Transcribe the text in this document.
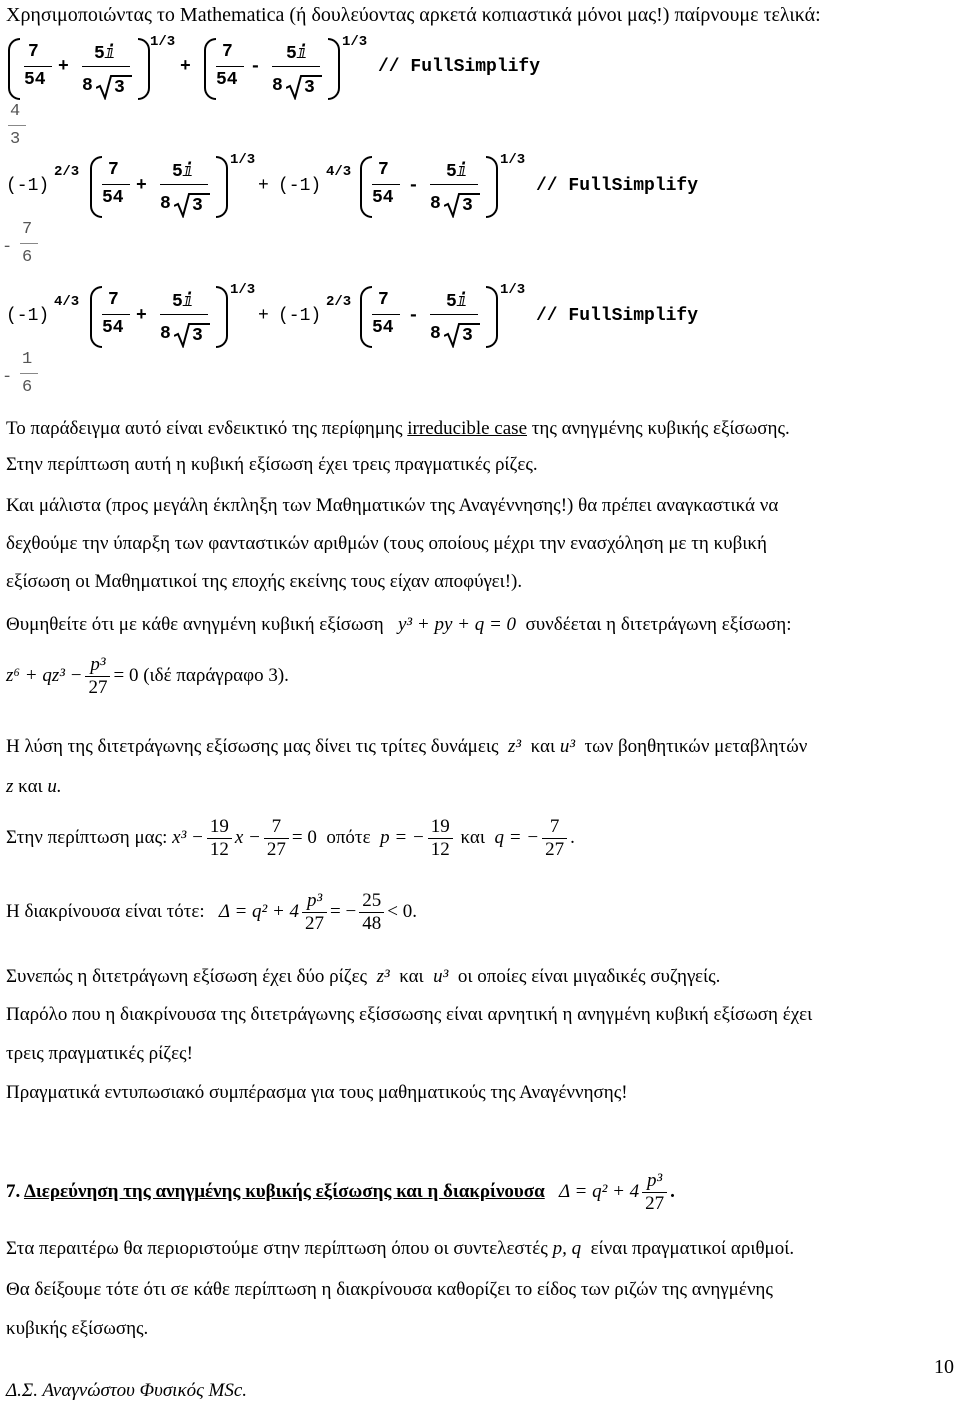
Χρησιμοποιώντας το Mathematica (ή δουλεύοντας αρκετά κοπιαστικά μόνοι μας!) παίρνουμε τελικά:
7
54
+
5ⅈ
8 3
1/3
+
7
54
-
5ⅈ
8 3
1/3
// FullSimplify
4
3
(-1)
2/3 7
54
+
5ⅈ
8 3
1/3
+ (-1)
4/3 7
54
-
5ⅈ
8 3
1/3
// FullSimplify
-
7
6
(-1)
4/3 7
54
+
5ⅈ
8 3
1/3
+ (-1)
2/3 7
54
-
5ⅈ
8 3
1/3
// FullSimplify
-
1
6
Το παράδειγμα αυτό είναι ενδεικτικό της περίφημης irreducible case της ανηγμένης κυβικής εξίσωσης.
Στην περίπτωση αυτή η κυβική εξίσωση έχει τρεις πραγματικές ρίζες.
Και μάλιστα (προς μεγάλη έκπληξη των Μαθηματικών της Αναγέννησης!) θα πρέπει αναγκαστικά να
δεχθούμε την ύπαρξη των φανταστικών αριθμών (τους οποίους μέχρι την ενασχόληση με τη κυβική
εξίσωση οι Μαθηματικοί της εποχής εκείνης τους είχαν αποφύγει!).
Θυμηθείτε ότι με κάθε ανηγμένη κυβική εξίσωση y³ + py + q = 0 συνδέεται η διτετράγωνη εξίσωση:
$z^6 + qz^3 - \frac{\text{p³}}{27} = 0$ (ιδέ παράγραφο 3).
Η λύση της διτετράγωνης εξίσωσης μας δίνει τις τρίτες δυνάμεις z³ και u³ των βοηθητικών μεταβλητών
z και u.
Στην περίπτωση μας: $x^3 - \frac{19}{12}$ $x - \frac{7}{27} = 0$ οπότε p = − $\frac{19}{12}$ και q = − $\frac{7}{27}$ .
Η διακρίνουσα είναι τότε: $\Delta = q^2 + 4 \frac{\text{p³}}{27}$ = − $\frac{25}{48} < 0$.
Συνεπώς η διτετράγωνη εξίσωση έχει δύο ρίζες z³ και u³ οι οποίες είναι μιγαδικές συζηγείς.
Παρόλο που η διακρίνουσα της διτετράγωνης εξίσσωσης είναι αρνητική η ανηγμένη κυβική εξίσωση έχει
τρεις πραγματικές ρίζες!
Πραγματικά εντυπωσιακό συμπέρασμα για τους μαθηματικούς της Αναγέννησης!
7. Διερεύνηση της ανηγμένης κυβικής εξίσωσης και η διακρίνουσα $\Delta = q^2 + 4 \frac{\text{p³}}{27}$ .
Στα περαιτέρω θα περιοριστούμε στην περίπτωση όπου οι συντελεστές p, q είναι πραγματικοί αριθμοί.
Θα δείξουμε τότε ότι σε κάθε περίπτωση η διακρίνουσα καθορίζει το είδος των ριζών της ανηγμένης
κυβικής εξίσωσης.
10
Δ.Σ. Αναγνώστου Φυσικός MSc.
